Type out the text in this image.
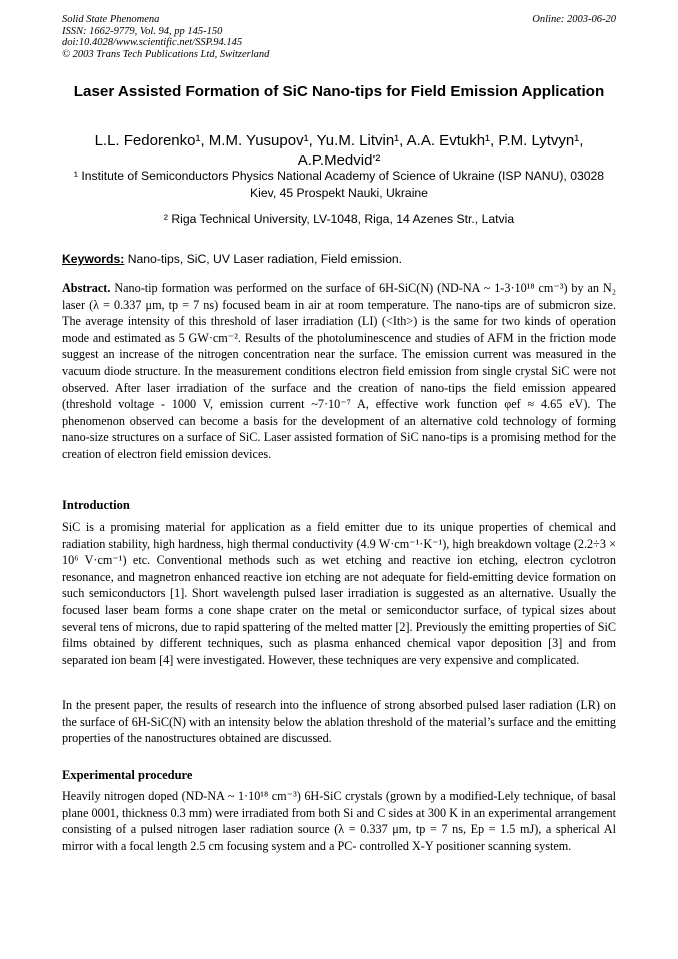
Solid State Phenomena
ISSN: 1662-9779, Vol. 94, pp 145-150
doi:10.4028/www.scientific.net/SSP.94.145
© 2003 Trans Tech Publications Ltd, Switzerland
Online: 2003-06-20
Laser Assisted Formation of SiC Nano-tips for Field Emission Application
L.L. Fedorenko¹, M.M. Yusupov¹, Yu.M. Litvin¹, A.A. Evtukh¹, P.M. Lytvyn¹, A.P.Medvid'²
¹ Institute of Semiconductors Physics National Academy of Science of Ukraine (ISP NANU), 03028 Kiev, 45 Prospekt Nauki, Ukraine
² Riga Technical University, LV-1048, Riga, 14 Azenes Str., Latvia
Keywords: Nano-tips, SiC, UV Laser radiation, Field emission.
Abstract. Nano-tip formation was performed on the surface of 6H-SiC(N) (ND-NA ~ 1-3·10¹⁸ cm⁻³) by an N₂ laser (λ = 0.337 μm, tp = 7 ns) focused beam in air at room temperature. The nano-tips are of submicron size. The average intensity of this threshold of laser irradiation (LI) (<Ith>) is the same for two kinds of operation mode and estimated as 5 GW·cm⁻². Results of the photoluminescence and studies of AFM in the friction mode suggest an increase of the nitrogen concentration near the surface. The emission current was measured in the vacuum diode structure. In the measurement conditions electron field emission from single crystal SiC were not observed. After laser irradiation of the surface and the creation of nano-tips the field emission appeared (threshold voltage - 1000 V, emission current ~7·10⁻⁷ A, effective work function φef ≈ 4.65 eV). The phenomenon observed can become a basis for the development of an alternative cold technology of forming nano-size structures on a surface of SiC. Laser assisted formation of SiC nano-tips is a promising method for the creation of electron field emission devices.
Introduction
SiC is a promising material for application as a field emitter due to its unique properties of chemical and radiation stability, high hardness, high thermal conductivity (4.9 W·cm⁻¹·K⁻¹), high breakdown voltage (2.2÷3 × 10⁶ V·cm⁻¹) etc. Conventional methods such as wet etching and reactive ion etching, electron cyclotron resonance, and magnetron enhanced reactive ion etching are not adequate for field-emitting device formation on such semiconductors [1]. Short wavelength pulsed laser irradiation is suggested as an alternative. Usually the focused laser beam forms a cone shape crater on the metal or semiconductor surface, of typical sizes about several tens of microns, due to rapid spattering of the melted matter [2]. Previously the emitting properties of SiC films obtained by different techniques, such as plasma enhanced chemical vapor deposition [3] and from separated ion beam [4] were investigated. However, these techniques are very expensive and complicated.
In the present paper, the results of research into the influence of strong absorbed pulsed laser radiation (LR) on the surface of 6H-SiC(N) with an intensity below the ablation threshold of the material’s surface and the emitting properties of the nanostructures obtained are discussed.
Experimental procedure
Heavily nitrogen doped (ND-NA ~ 1·10¹⁸ cm⁻³) 6H-SiC crystals (grown by a modified-Lely technique, of basal plane 0001, thickness 0.3 mm) were irradiated from both Si and C sides at 300 K in an experimental arrangement consisting of a pulsed nitrogen laser radiation source (λ = 0.337 μm, tp = 7 ns, Ep = 1.5 mJ), a spherical Al mirror with a focal length 2.5 cm focusing system and a PC- controlled X-Y positioner scanning system.
